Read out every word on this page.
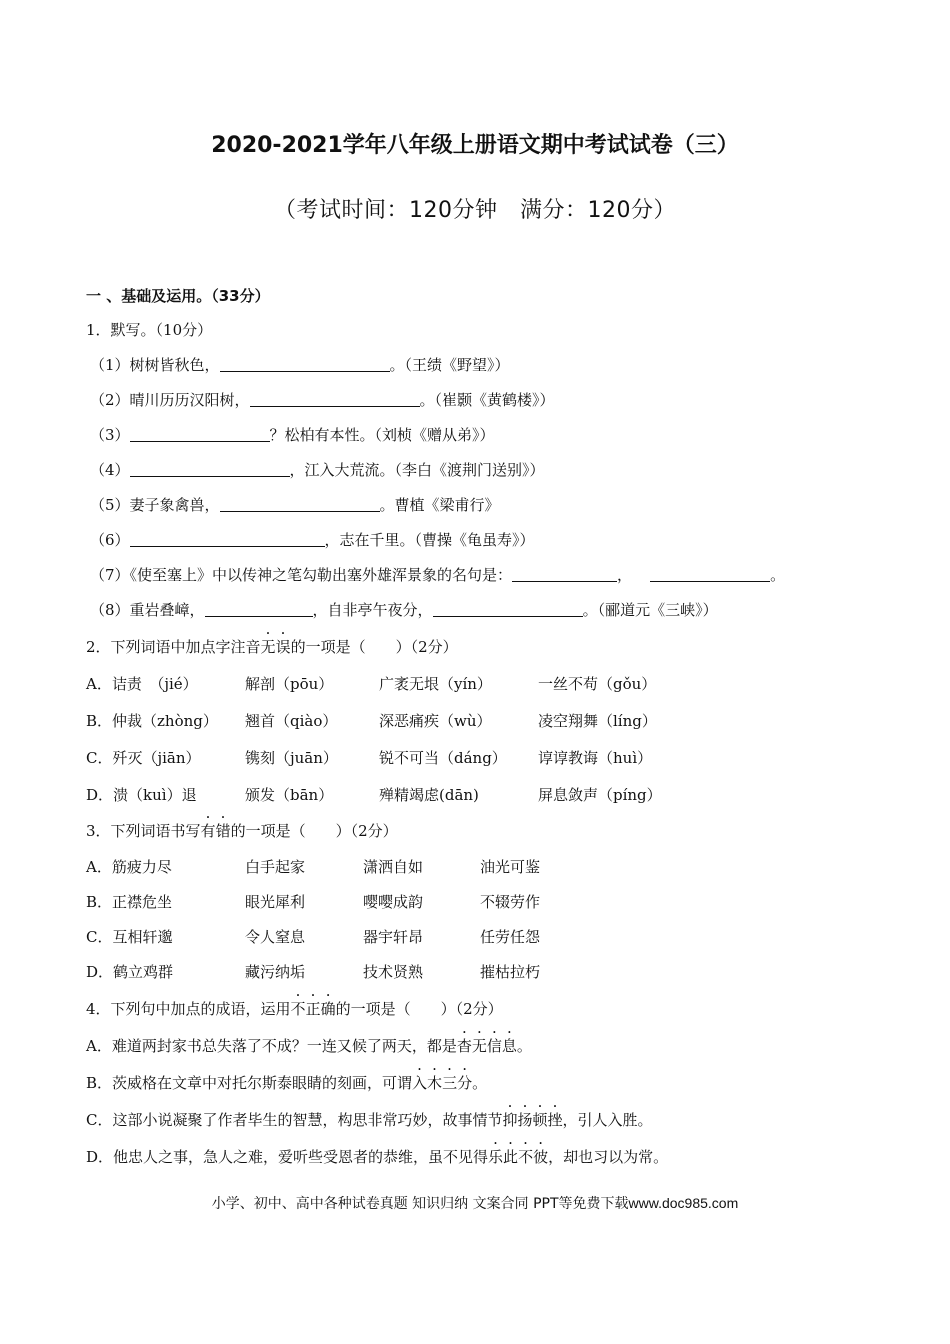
2020-2021学年八年级上册语文期中考试试卷（三）
（考试时间：120分钟　满分：120分）
一 、基础及运用。（33分）
1．默写。（10分）
（1）树树皆秋色，	。（王绩《野望》）
（2）晴川历历汉阳树，	。（崔颢《黄鹤楼》）
（3）	？松柏有本性。（刘桢《赠从弟》）
（4）	，江入大荒流。（李白《渡荆门送别》）
（5）妻子象禽兽，	。曹植《梁甫行》
（6）	，志在千里。（曹操《龟虽寿》）
（7）《使至塞上》中以传神之笔勾勒出塞外雄浑景象的名句是：	，	。
（8）重岩叠嶂，	，自非亭午夜分，	。（郦道元《三峡》）
2．下列词语中加点字注音无误的一项是（　　）（2分）
A．诘责　（jié）	解剖（pōu）	广袤无垠（yín）	一丝不苟（gǒu）
B．仲裁（zhòng） 翘首（qiào）	深恶痛疾（wù）	凌空翔舞（líng）
C．歼灭（jiān）	镌刻（juān）	锐不可当（dáng） 谆谆教诲（huì）
D．溃（kuì）退	颁发（bān）	殚精竭虑(dān)	屏息敛声（píng）
3．下列词语书写有错的一项是（　　）（2分）
A．筋疲力尽	白手起家	潇洒自如	油光可鉴
B．正襟危坐	眼光犀利	嘤嘤成韵	不辍劳作
C．互相轩邈	令人窒息	器宇轩昂	任劳任怨
D．鹤立鸡群	藏污纳垢	技术贤熟	摧枯拉朽
4．下列句中加点的成语，运用不正确的一项是（　　）（2分）
A．难道两封家书总失落了不成？一连又候了两天，都是杳无信息。
B．茨威格在文章中对托尔斯泰眼睛的刻画，可谓入木三分。
C．这部小说凝聚了作者毕生的智慧，构思非常巧妙，故事情节抑扬顿挫，引人入胜。
D．他忠人之事，急人之难，爱听些受恩者的恭维，虽不见得乐此不彼，却也习以为常。
小学、初中、高中各种试卷真题 知识归纳 文案合同 PPT等免费下载www.doc985.com
